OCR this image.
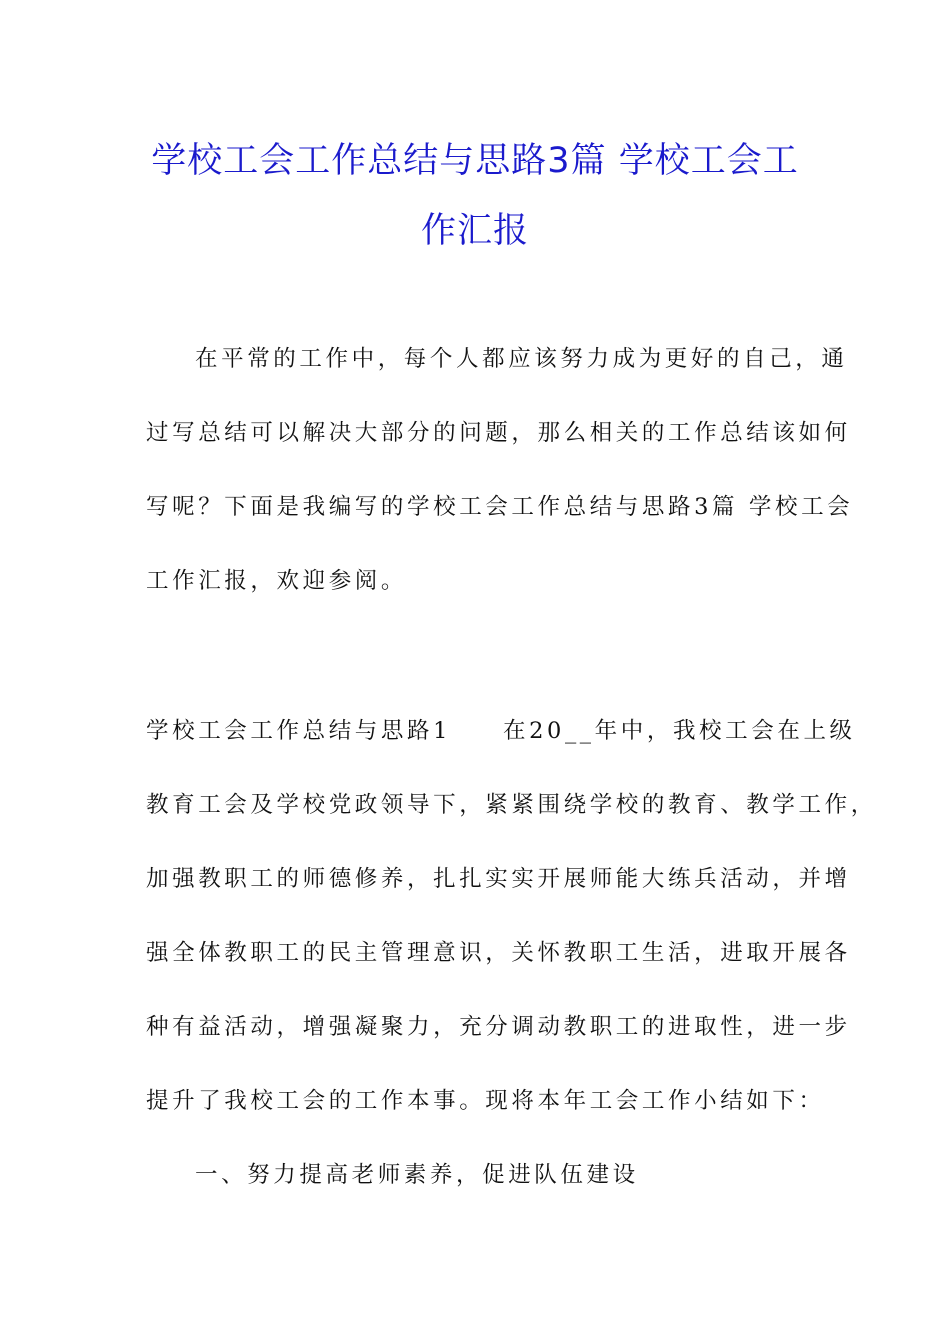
学校工会工作总结与思路3篇 学校工会工
作汇报
在平常的工作中，每个人都应该努力成为更好的自己，通
过写总结可以解决大部分的问题，那么相关的工作总结该如何
写呢？下面是我编写的学校工会工作总结与思路3篇 学校工会
工作汇报，欢迎参阅。
学校工会工作总结与思路1 在20__年中，我校工会在上级
教育工会及学校党政领导下，紧紧围绕学校的教育、教学工作，
加强教职工的师德修养，扎扎实实开展师能大练兵活动，并增
强全体教职工的民主管理意识，关怀教职工生活，进取开展各
种有益活动，增强凝聚力，充分调动教职工的进取性，进一步
提升了我校工会的工作本事。现将本年工会工作小结如下：
一、努力提高老师素养，促进队伍建设
